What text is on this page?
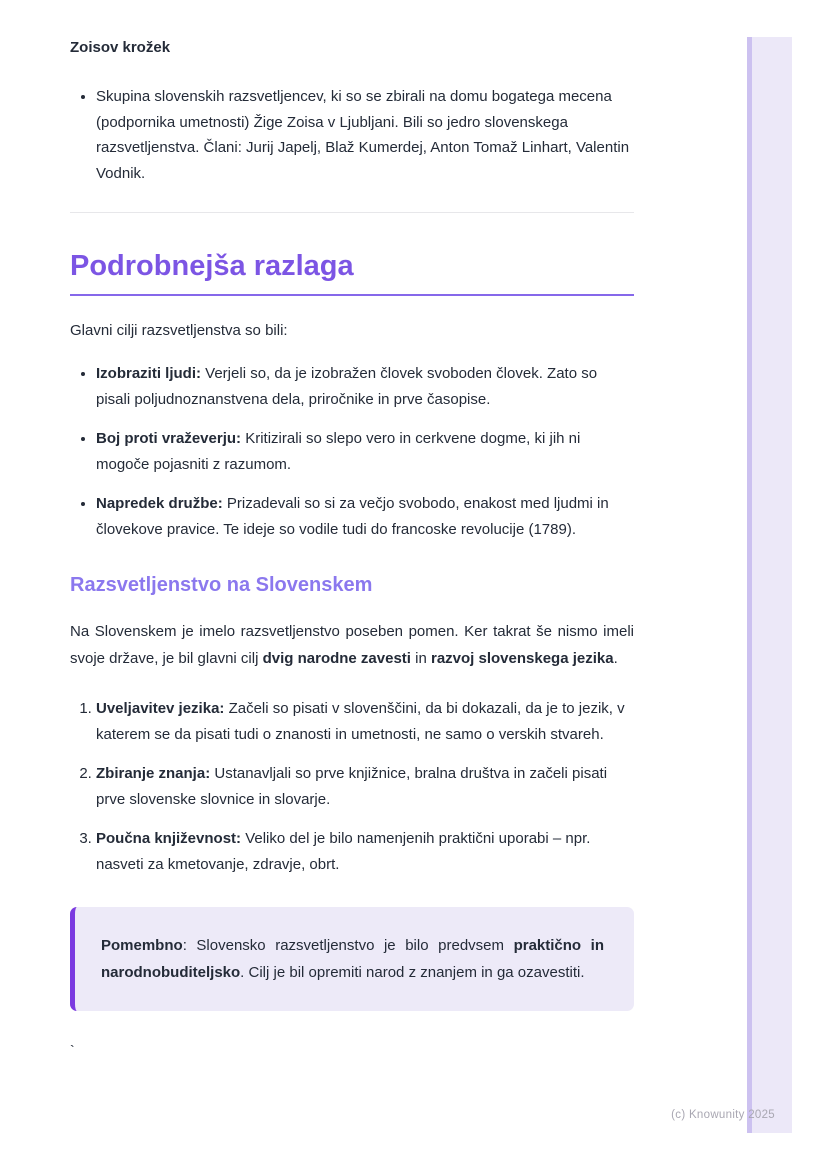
Zoisov krožek
• Skupina slovenskih razsvetljencev, ki so se zbirali na domu bogatega mecena (podpornika umetnosti) Žige Zoisa v Ljubljani. Bili so jedro slovenskega razsvetljenstva. Člani: Jurij Japelj, Blaž Kumerdej, Anton Tomaž Linhart, Valentin Vodnik.
Podrobnejša razlaga

Glavni cilji razsvetljenstva so bili:

• Izobraziti ljudi: Verjeli so, da je izobražen človek svoboden človek. Zato so pisali poljudnoznanstvena dela, priročnike in prve časopise.
• Boj proti vraževerju: Kritizirali so slepo vero in cerkvene dogme, ki jih ni mogoče pojasniti z razumom.
• Napredek družbe: Prizadevali so si za večjo svobodo, enakost med ljudmi in človekove pravice. Te ideje so vodile tudi do francoske revolucije (1789).
Razsvetljenstvo na Slovenskem

Na Slovenskem je imelo razsvetljenstvo poseben pomen. Ker takrat še nismo imeli svoje države, je bil glavni cilj dvig narodne zavesti in razvoj slovenskega jezika.

1. Uveljavitev jezika: Začeli so pisati v slovenščini, da bi dokazali, da je to jezik, v katerem se da pisati tudi o znanosti in umetnosti, ne samo o verskih stvareh.
2. Zbiranje znanja: Ustanavljali so prve knjižnice, bralna društva in začeli pisati prve slovenske slovnice in slovarje.
3. Poučna književnost: Veliko del je bilo namenjenih praktični uporabi – npr. nasveti za kmetovanje, zdravje, obrt.
Pomembno: Slovensko razsvetljenstvo je bilo predvsem praktično in narodnobuditeljsko. Cilj je bil opremiti narod z znanjem in ga ozavestiti.
`
(c) Knowunity 2025
